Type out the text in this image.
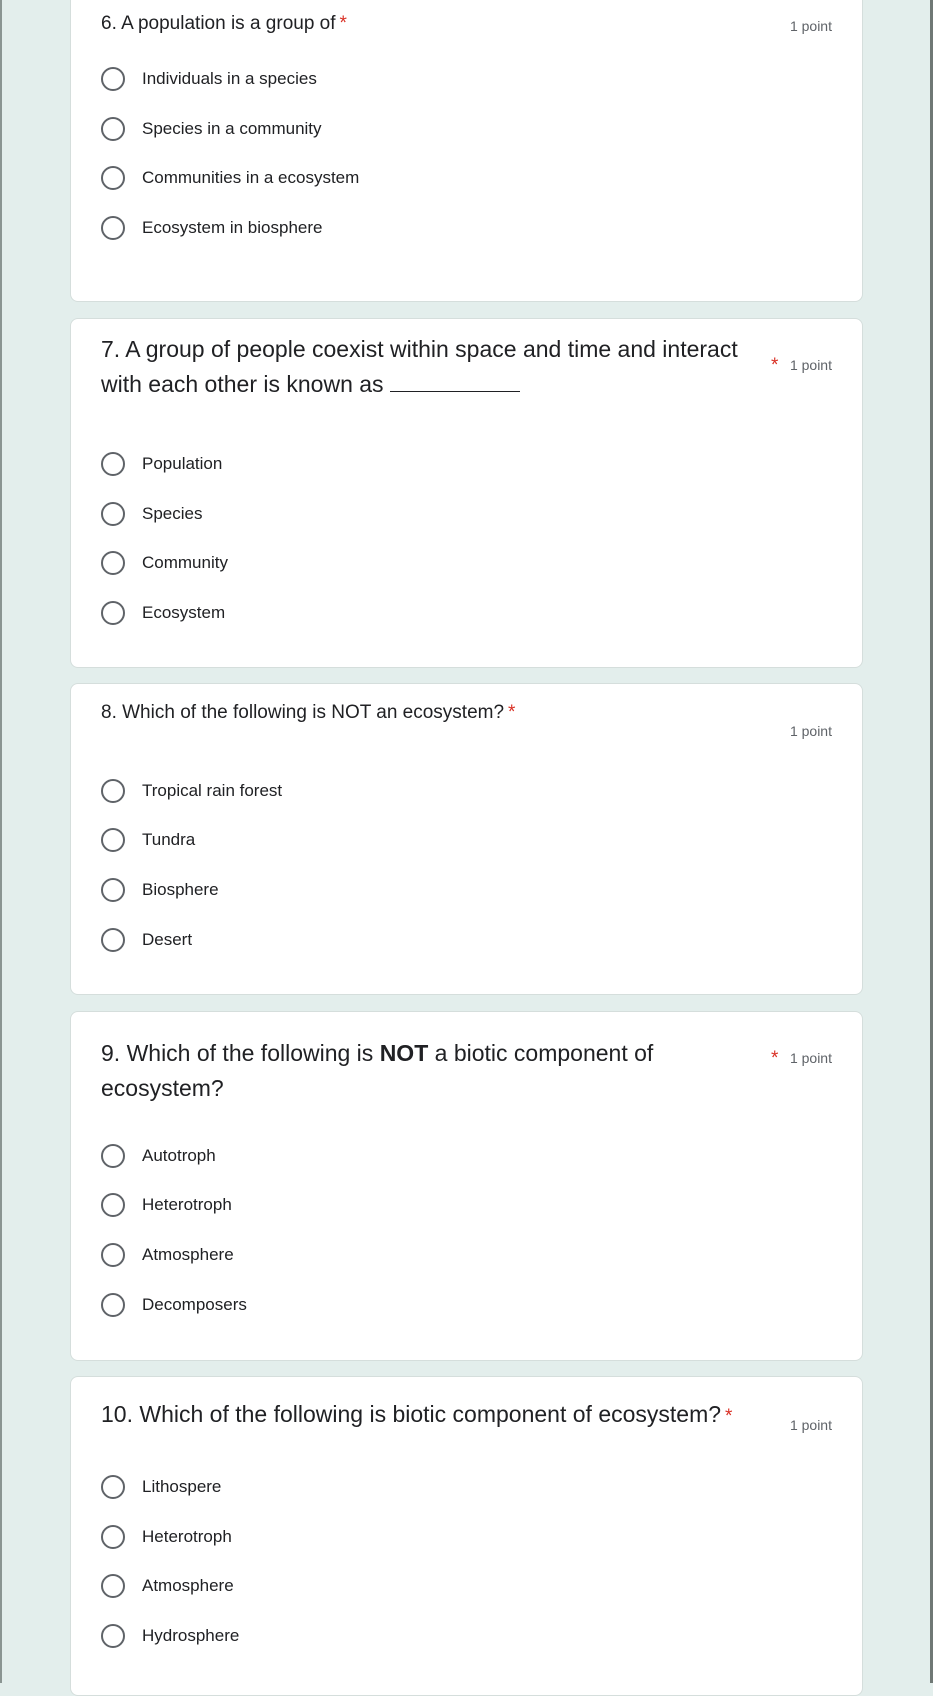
6. A population is a group of *	1 point
Individuals in a species
Species in a community
Communities in a ecosystem
Ecosystem in biosphere
7. A group of people coexist within space and time and interact
with each other is known as
* 1 point
Population
Species
Community
Ecosystem
8. Which of the following is NOT an ecosystem? *
1 point
Tropical rain forest
Tundra
Biosphere
Desert
9. Which of the following is NOT a biotic component of
ecosystem?
* 1 point
Autotroph
Heterotroph
Atmosphere
Decomposers
10. Which of the following is biotic component of ecosystem? *	1 point
Lithospere
Heterotroph
Atmosphere
Hydrosphere
